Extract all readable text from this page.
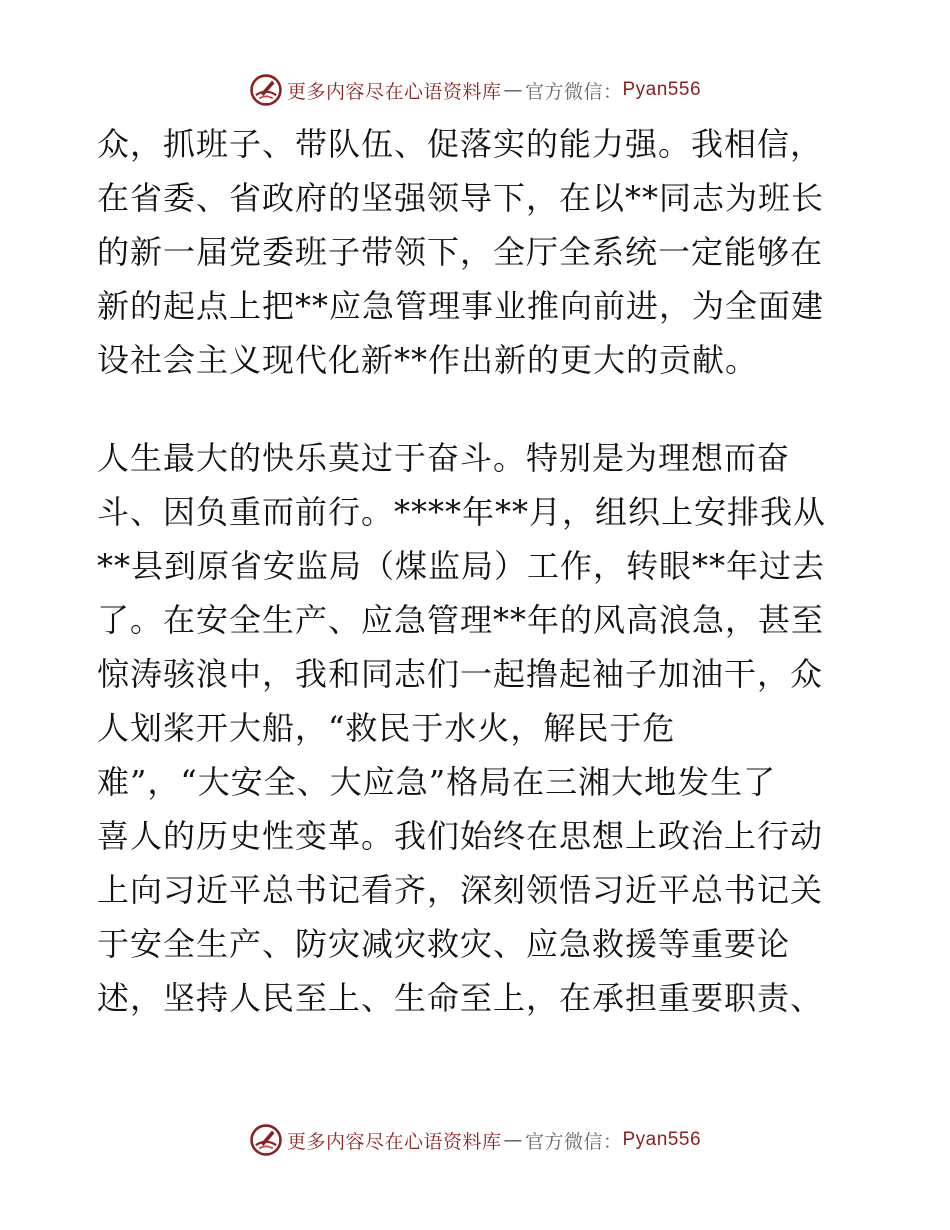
更多内容尽在心语资料库 — 官方微信： Pyan556
众，抓班子、带队伍、促落实的能力强。我相信，
在省委、省政府的坚强领导下，在以**同志为班长
的新一届党委班子带领下，全厅全系统一定能够在
新的起点上把**应急管理事业推向前进，为全面建
设社会主义现代化新**作出新的更大的贡献。
人生最大的快乐莫过于奋斗。特别是为理想而奋
斗、因负重而前行。****年**月，组织上安排我从
**县到原省安监局（煤监局）工作，转眼**年过去
了。在安全生产、应急管理**年的风高浪急，甚至
惊涛骇浪中，我和同志们一起撸起袖子加油干，众
人划桨开大船，“救民于水火，解民于危
难”，“大安全、大应急”格局在三湘大地发生了
喜人的历史性变革。我们始终在思想上政治上行动
上向习近平总书记看齐，深刻领悟习近平总书记关
于安全生产、防灾减灾救灾、应急救援等重要论
述，坚持人民至上、生命至上，在承担重要职责、
更多内容尽在心语资料库 — 官方微信： Pyan556
